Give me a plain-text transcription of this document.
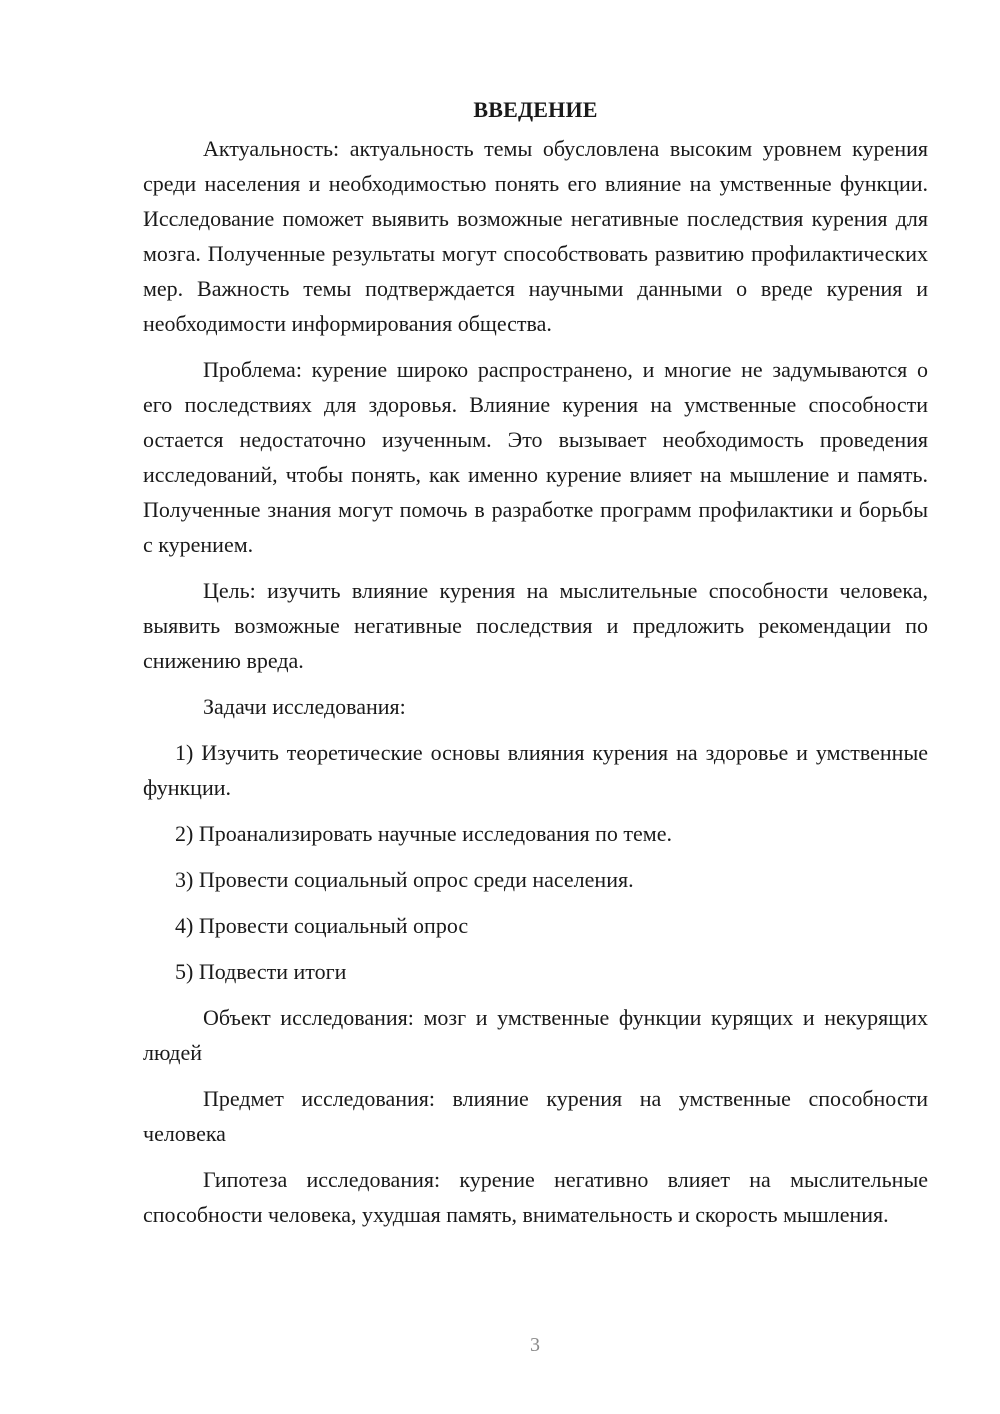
ВВЕДЕНИЕ

Актуальность: актуальность темы обусловлена высоким уровнем курения среди населения и необходимостью понять его влияние на умственные функции. Исследование поможет выявить возможные негативные последствия курения для мозга. Полученные результаты могут способствовать развитию профилактических мер. Важность темы подтверждается научными данными о вреде курения и необходимости информирования общества.

Проблема: курение широко распространено, и многие не задумываются о его последствиях для здоровья. Влияние курения на умственные способности остается недостаточно изученным. Это вызывает необходимость проведения исследований, чтобы понять, как именно курение влияет на мышление и память. Полученные знания могут помочь в разработке программ профилактики и борьбы с курением.

Цель: изучить влияние курения на мыслительные способности человека, выявить возможные негативные последствия и предложить рекомендации по снижению вреда.

Задачи исследования:

1) Изучить теоретические основы влияния курения на здоровье и умственные функции.

2) Проанализировать научные исследования по теме.

3) Провести социальный опрос среди населения.

4) Провести социальный опрос

5) Подвести итоги

Объект исследования: мозг и умственные функции курящих и некурящих людей

Предмет исследования: влияние курения на умственные способности человека

Гипотеза исследования: курение негативно влияет на мыслительные способности человека, ухудшая память, внимательность и скорость мышления.

3
